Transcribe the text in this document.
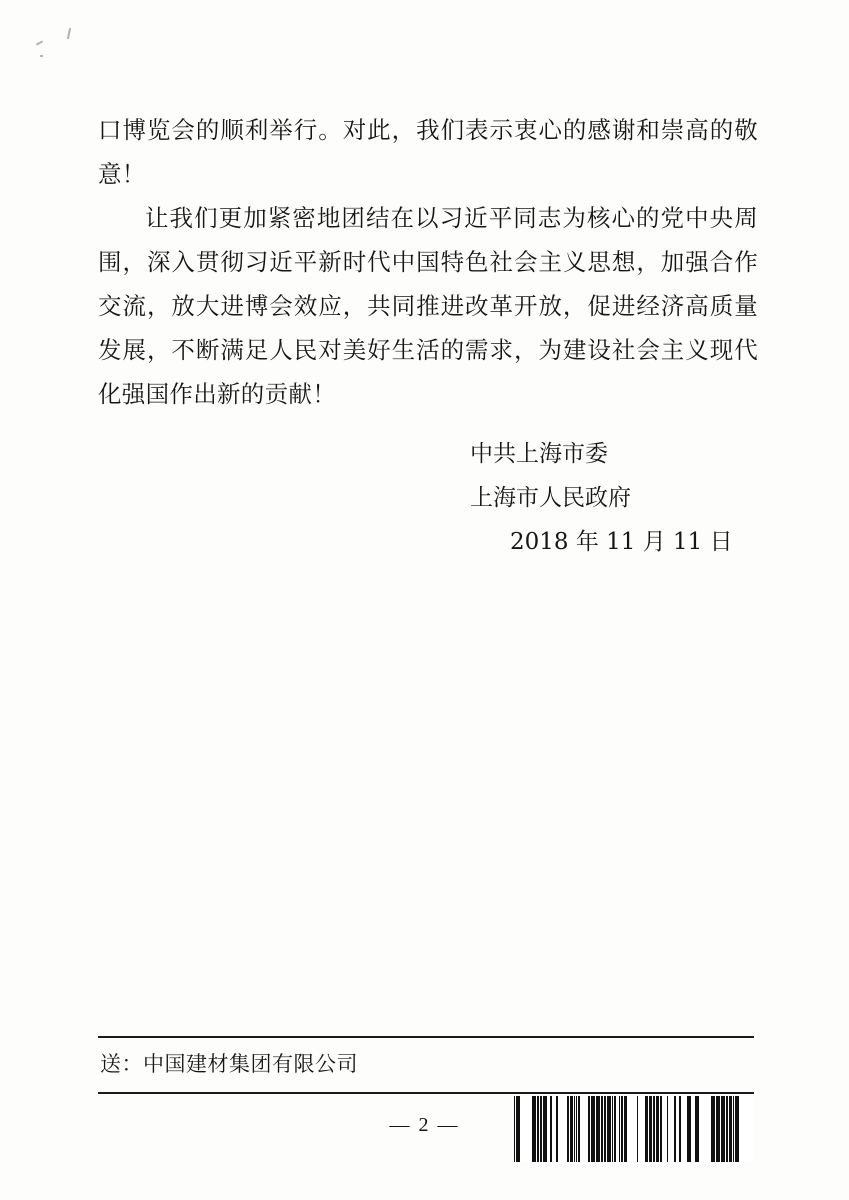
口博览会的顺利举行。对此，我们表示衷心的感谢和崇高的敬意！

让我们更加紧密地团结在以习近平同志为核心的党中央周围，深入贯彻习近平新时代中国特色社会主义思想，加强合作交流，放大进博会效应，共同推进改革开放，促进经济高质量发展，不断满足人民对美好生活的需求，为建设社会主义现代化强国作出新的贡献！

中共上海市委
上海市人民政府
2018 年 11 月 11 日
送：中国建材集团有限公司
— 2 —
